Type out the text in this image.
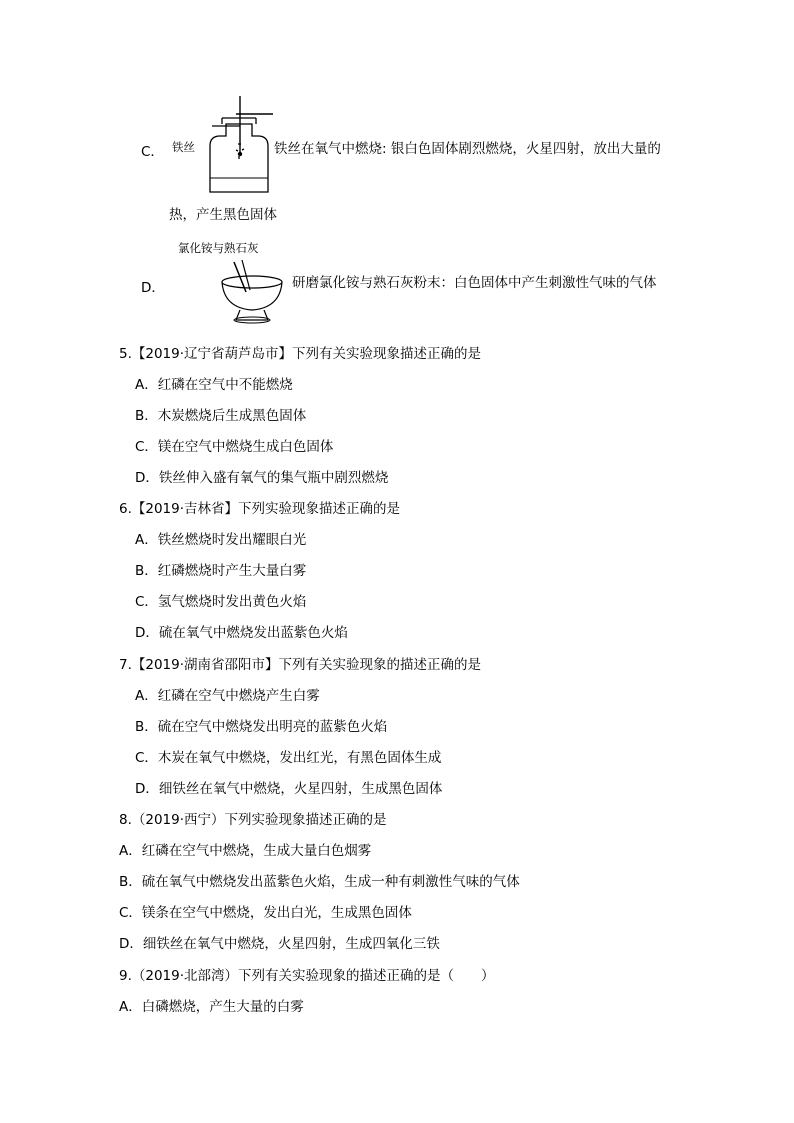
C． 铁丝	铁丝在氧气中燃烧: 银白色固体剧烈燃烧，火星四射，放出大量的
热，产生黑色固体
氯化铵与熟石灰
D．	研磨氯化铵与熟石灰粉末：白色固体中产生刺激性气味的气体
5.【2019·辽宁省葫芦岛市】下列有关实验现象描述正确的是
A．红磷在空气中不能燃烧
B．木炭燃烧后生成黑色固体
C．镁在空气中燃烧生成白色固体
D．铁丝伸入盛有氧气的集气瓶中剧烈燃烧
6.【2019·吉林省】下列实验现象描述正确的是
A．铁丝燃烧时发出耀眼白光
B．红磷燃烧时产生大量白雾
C．氢气燃烧时发出黄色火焰
D．硫在氧气中燃烧发出蓝紫色火焰
7.【2019·湖南省邵阳市】下列有关实验现象的描述正确的是
A．红磷在空气中燃烧产生白雾
B．硫在空气中燃烧发出明亮的蓝紫色火焰
C．木炭在氧气中燃烧，发出红光，有黑色固体生成
D．细铁丝在氧气中燃烧，火星四射，生成黑色固体
8.（2019·西宁）下列实验现象描述正确的是
A．红磷在空气中燃烧，生成大量白色烟雾
B．硫在氧气中燃烧发出蓝紫色火焰，生成一种有刺激性气味的气体
C．镁条在空气中燃烧，发出白光，生成黑色固体
D．细铁丝在氧气中燃烧，火星四射，生成四氧化三铁
9.（2019·北部湾）下列有关实验现象的描述正确的是（　　）
A．白磷燃烧，产生大量的白雾
